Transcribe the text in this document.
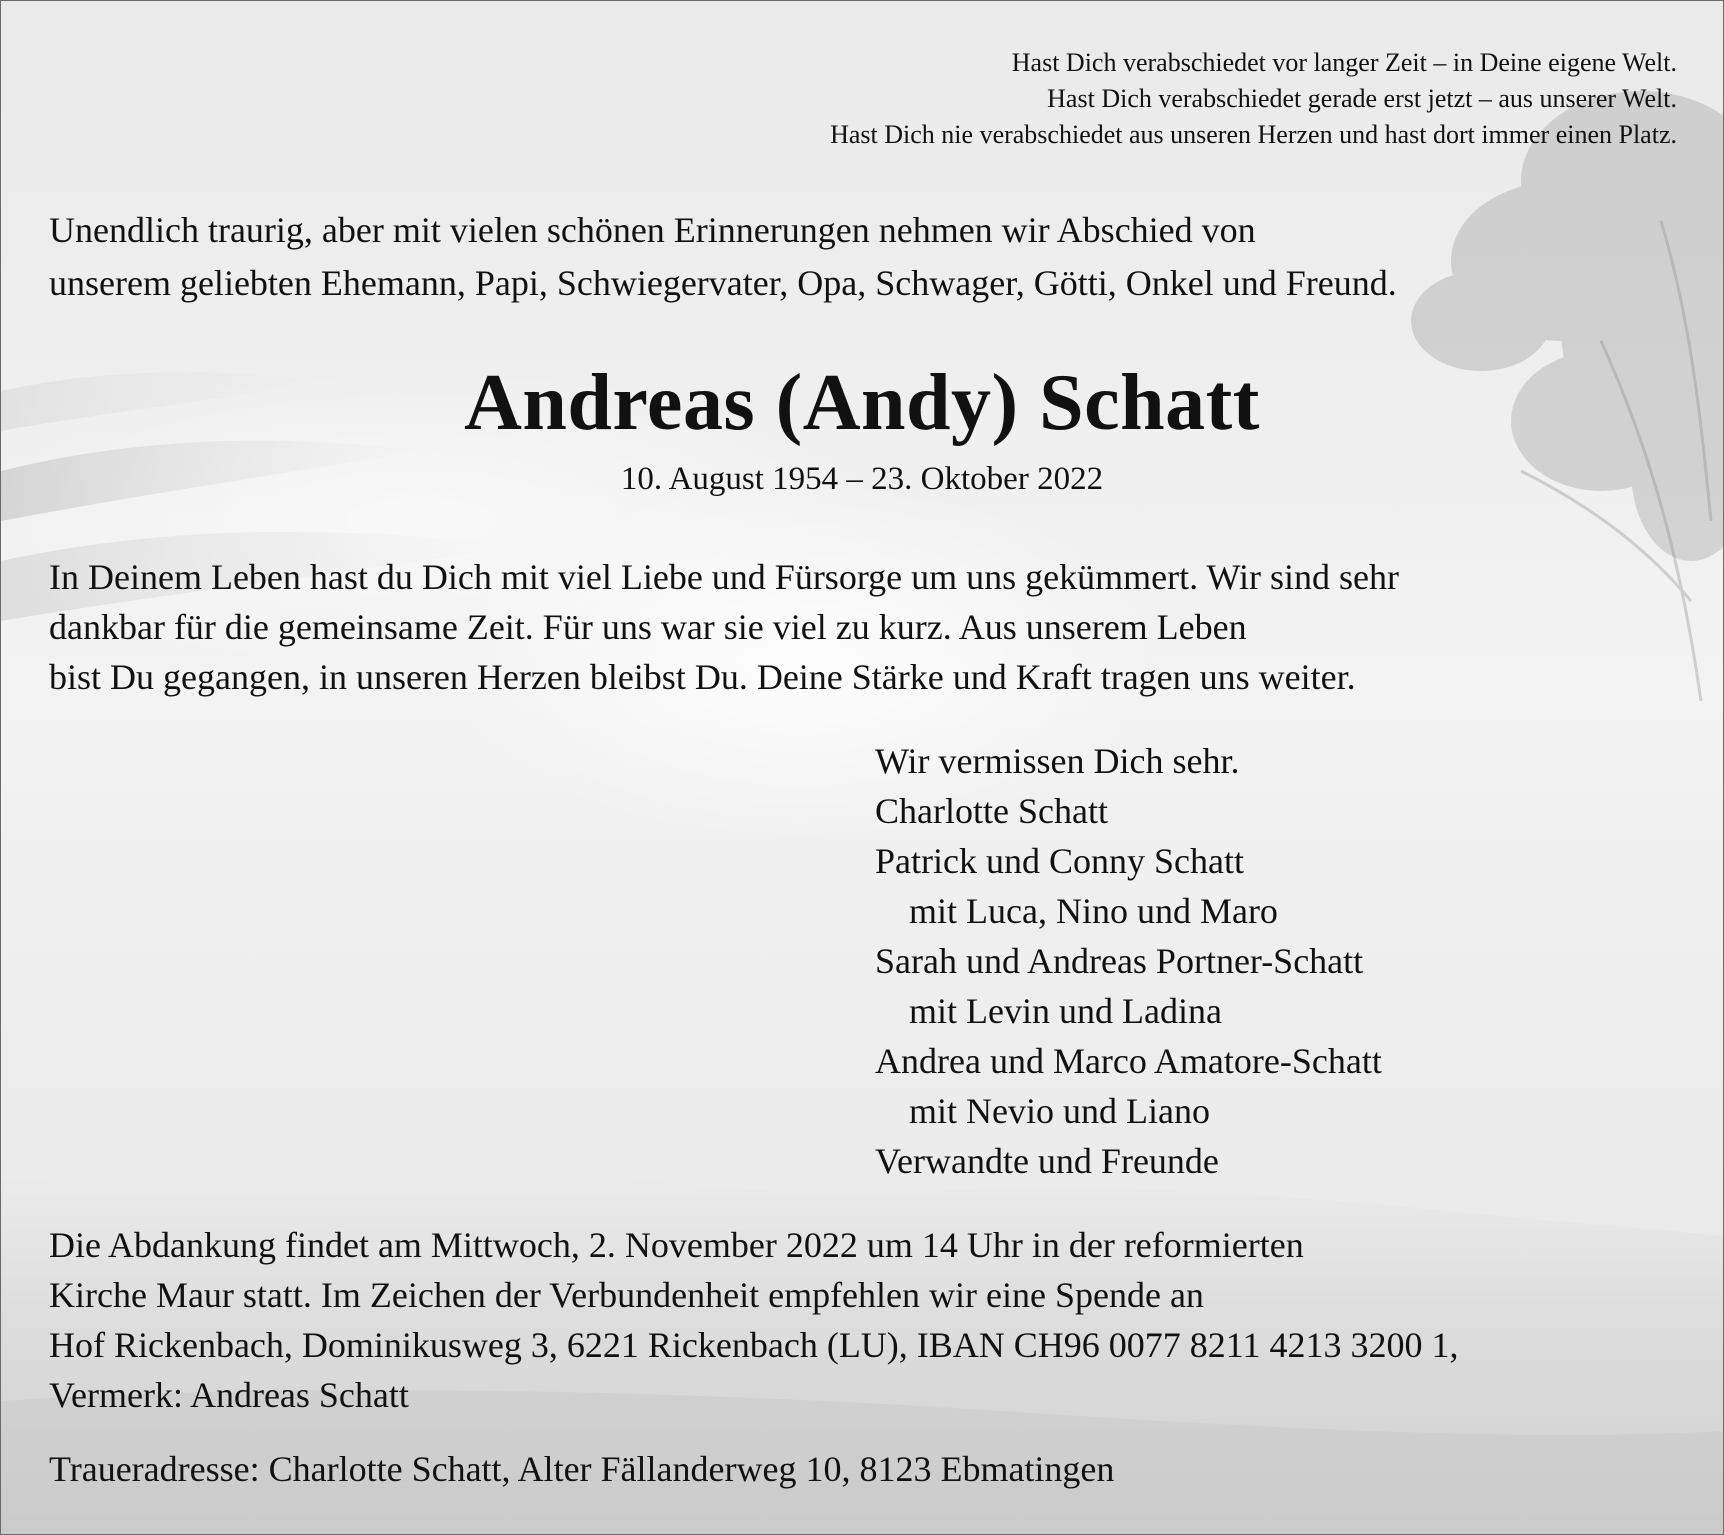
Hast Dich verabschiedet vor langer Zeit – in Deine eigene Welt.
Hast Dich verabschiedet gerade erst jetzt – aus unserer Welt.
Hast Dich nie verabschiedet aus unseren Herzen und hast dort immer einen Platz.
Unendlich traurig, aber mit vielen schönen Erinnerungen nehmen wir Abschied von
unserem geliebten Ehemann, Papi, Schwiegervater, Opa, Schwager, Götti, Onkel und Freund.
Andreas (Andy) Schatt
10. August 1954 – 23. Oktober 2022
In Deinem Leben hast du Dich mit viel Liebe und Fürsorge um uns gekümmert. Wir sind sehr
dankbar für die gemeinsame Zeit. Für uns war sie viel zu kurz. Aus unserem Leben
bist Du gegangen, in unseren Herzen bleibst Du. Deine Stärke und Kraft tragen uns weiter.
Wir vermissen Dich sehr.
Charlotte Schatt
Patrick und Conny Schatt
mit Luca, Nino und Maro
Sarah und Andreas Portner-Schatt
mit Levin und Ladina
Andrea und Marco Amatore-Schatt
mit Nevio und Liano
Verwandte und Freunde
Die Abdankung findet am Mittwoch, 2. November 2022 um 14 Uhr in der reformierten
Kirche Maur statt. Im Zeichen der Verbundenheit empfehlen wir eine Spende an
Hof Rickenbach, Dominikusweg 3, 6221 Rickenbach (LU), IBAN CH96 0077 8211 4213 3200 1,
Vermerk: Andreas Schatt
Traueradresse: Charlotte Schatt, Alter Fällanderweg 10, 8123 Ebmatingen
